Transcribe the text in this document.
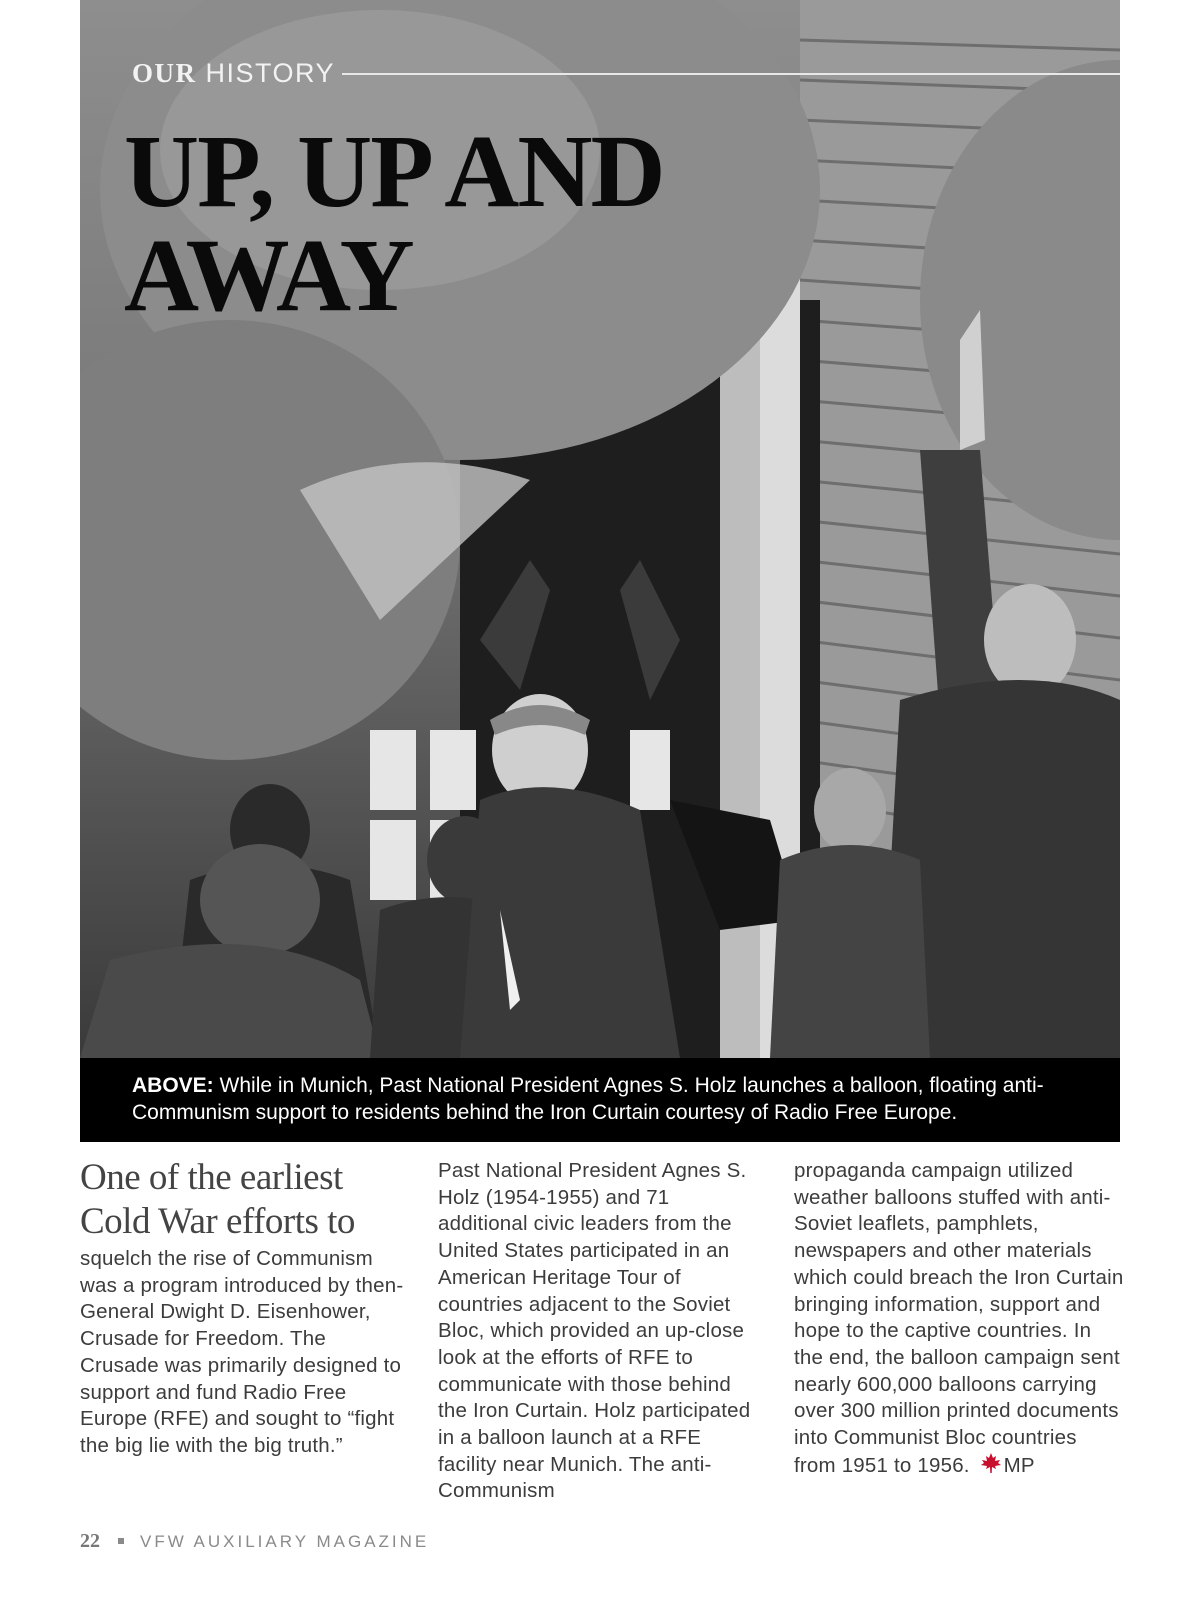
OUR HISTORY
UP, UP AND
AWAY
ABOVE: While in Munich, Past National President Agnes S. Holz launches a balloon, floating anti-Communism support to residents behind the Iron Curtain courtesy of Radio Free Europe.
One of the earliest Cold War efforts to
squelch the rise of Communism was a program introduced by then-General Dwight D. Eisenhower, Crusade for Freedom. The Crusade was primarily designed to support and fund Radio Free Europe (RFE) and sought to “fight the big lie with the big truth.”
Past National President Agnes S. Holz (1954-1955) and 71 additional civic leaders from the United States participated in an American Heritage Tour of countries adjacent to the Soviet Bloc, which provided an up-close look at the efforts of RFE to communicate with those behind the Iron Curtain. Holz participated in a balloon launch at a RFE facility near Munich. The anti-Communism
propaganda campaign utilized weather balloons stuffed with anti-Soviet leaflets, pamphlets, newspapers and other materials which could breach the Iron Curtain bringing information, support and hope to the captive countries. In the end, the balloon campaign sent nearly 600,000 balloons carrying over 300 million printed documents into Communist Bloc countries from 1951 to 1956. MP
22 VFW AUXILIARY MAGAZINE
